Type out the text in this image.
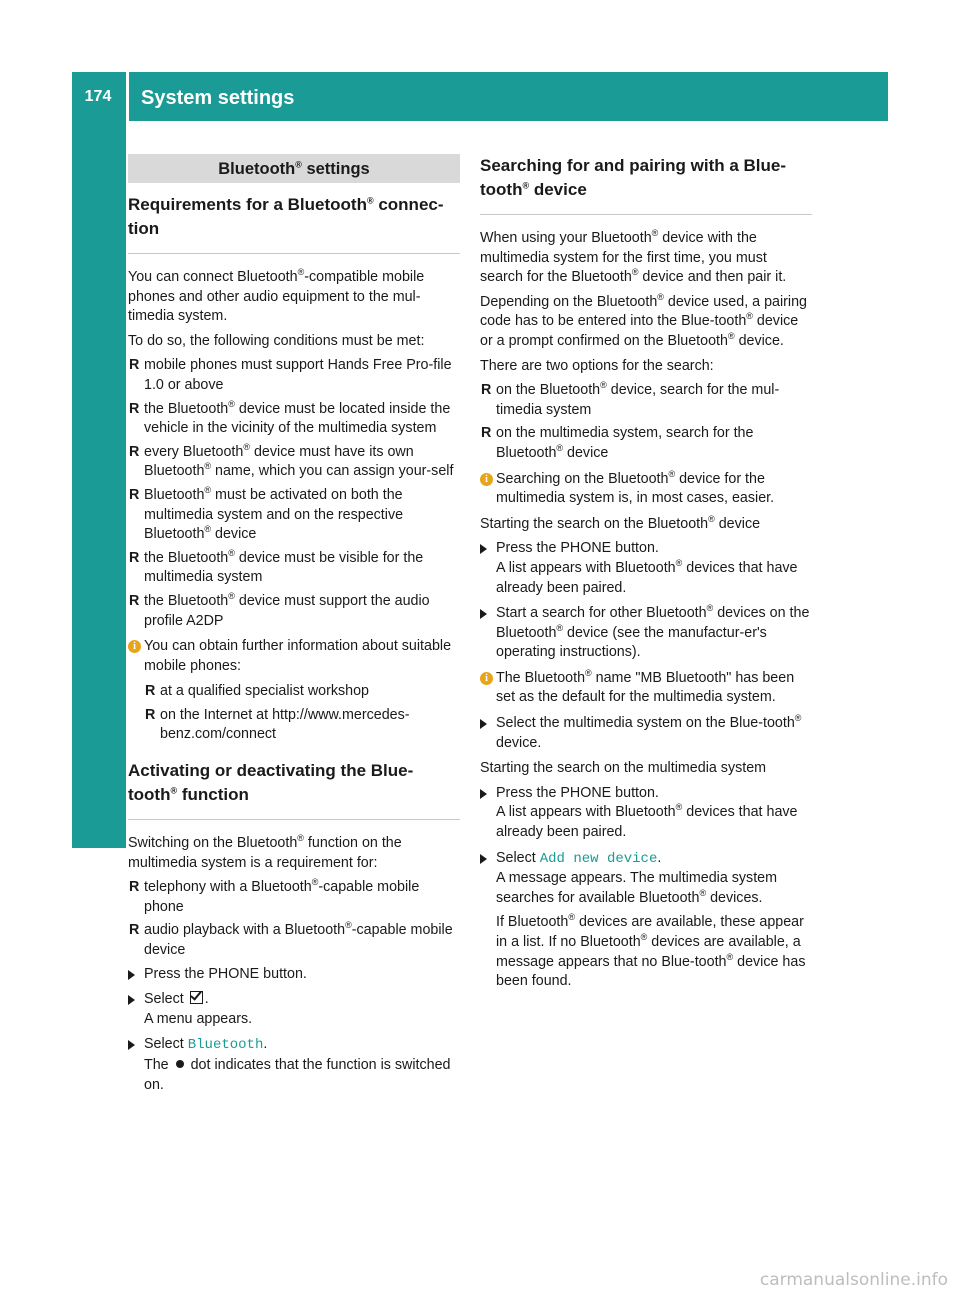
174	System settings
Multimedia system
Bluetooth® settings
Requirements for a Bluetooth® connec-
tion

You can connect Bluetooth®-compatible mobile phones and other audio equipment to the mul-timedia system.

To do so, the following conditions must be met:

R mobile phones must support Hands Free Pro-file 1.0 or above
R the Bluetooth® device must be located inside the vehicle in the vicinity of the multimedia system
R every Bluetooth® device must have its own
Bluetooth® name, which you can assign your-self
R Bluetooth® must be activated on both the multimedia system and on the respective
Bluetooth® device
R the Bluetooth® device must be visible for the multimedia system
R the Bluetooth® device must support the audio profile A2DP
i You can obtain further information about suitable mobile phones:
R at a qualified specialist workshop
R on the Internet at http://www.mercedes-benz.com/connect
Activating or deactivating the Blue-
tooth® function

Switching on the Bluetooth® function on the multimedia system is a requirement for:

R telephony with a Bluetooth®-capable mobile phone
R audio playback with a Bluetooth®-capable mobile device
Press the PHONE button.
Select .
A menu appears.
Select Bluetooth.
The dot indicates that the function is switched on.
Searching for and pairing with a Blue-
tooth® device

When using your Bluetooth® device with the multimedia system for the first time, you must search for the Bluetooth® device and then pair it.

Depending on the Bluetooth® device used, a pairing code has to be entered into the Blue-tooth® device or a prompt confirmed on the Bluetooth® device.

There are two options for the search:

R on the Bluetooth® device, search for the mul-timedia system
R on the multimedia system, search for the Bluetooth® device
i Searching on the Bluetooth® device for the multimedia system is, in most cases, easier.

Starting the search on the Bluetooth® device

Press the PHONE button.
A list appears with Bluetooth® devices that have already been paired.
Start a search for other Bluetooth® devices on the Bluetooth® device (see the manufactur-er's operating instructions).
i The Bluetooth® name "MB Bluetooth" has been set as the default for the multimedia system.
Select the multimedia system on the Blue-tooth® device.

Starting the search on the multimedia system

Press the PHONE button.
A list appears with Bluetooth® devices that have already been paired.
Select Add new device.
A message appears. The multimedia system searches for available Bluetooth® devices.
If Bluetooth® devices are available, these appear in a list. If no Bluetooth® devices are available, a message appears that no Blue-tooth® device has been found.
carmanualsonline.info
